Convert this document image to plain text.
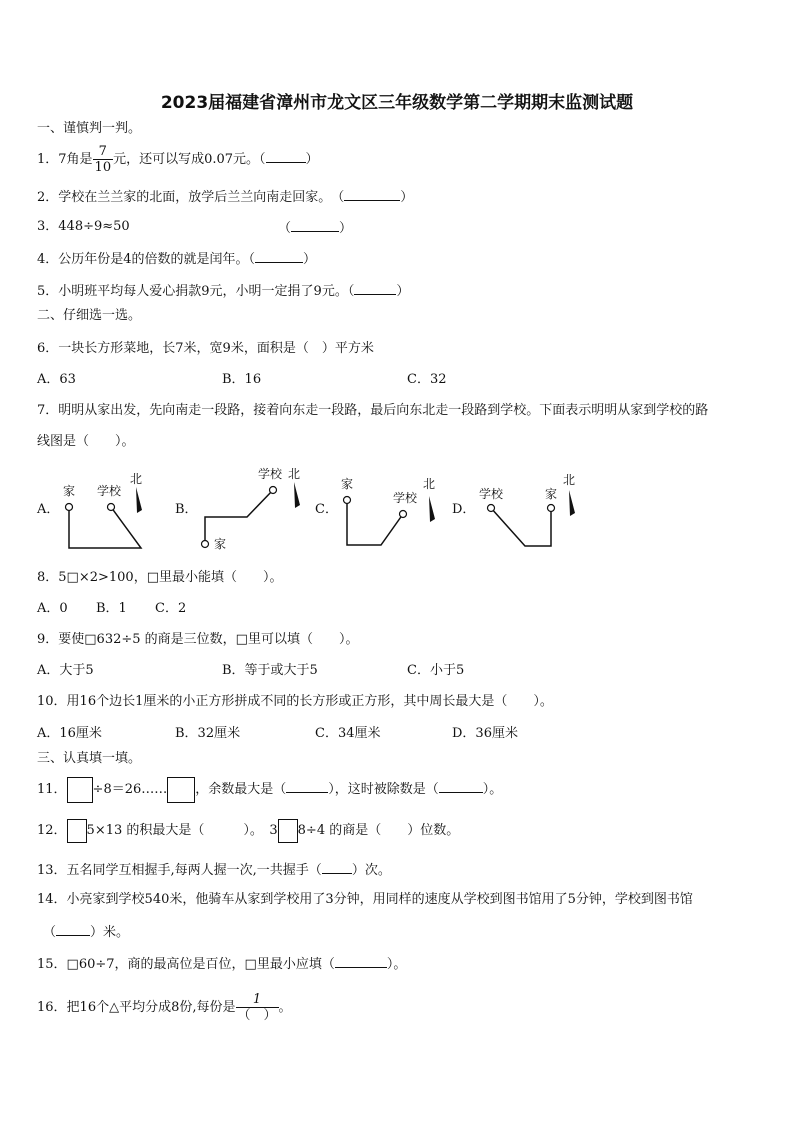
2023届福建省漳州市龙文区三年级数学第二学期期末监测试题
一、谨慎判一判。
1．7角是 $\frac{7}{10}$ 元，还可以写成0.07元。（	）
2．学校在兰兰家的北面，放学后兰兰向南走回家。　（	）
3．448÷9≈50	（	）
4．公历年份是4的倍数的就是闰年。（	）
5．小明班平均每人爱心捐款9元，小明一定捐了9元。（	）
二、仔细选一选。
6．一块长方形菜地，长7米，宽9米，面积是（　）平方米
A．63	B．16	C．32
7．明明从家出发，先向南走一段路，接着向东走一段路，最后向东北走一段路到学校。下面表示明明从家到学校的路
线图是（　　）。
A．	B．	C．	D．
家 学校
北	学校 北
家
家
学校
北
学校	家
北
8．5□×2>100，□里最小能填（　　）。
A．0 B．1 C．2
9．要使□632÷5 的商是三位数，□里可以填（　　）。
A．大于5	B．等于或大于5	C．小于5
10．用16个边长1厘米的小正方形拼成不同的长方形或正方形，其中周长最大是（　　）。
A．16厘米	B．32厘米	C．34厘米	D．36厘米
三、认真填一填。
11． ÷8＝26…… ，余数最大是（	），这时被除数是（	）。
12． 5×13 的积最大是（　　　）。　3 8÷4 的商是（　　）位数。
13．五名同学互相握手,每两人握一次,一共握手（ ）次。
14．小亮家到学校540米，他骑车从家到学校用了3分钟，用同样的速度从学校到图书馆用了5分钟，学校到图书馆
（	）米。
15．□60÷7，商的最高位是百位，□里最小应填（	）。
16．把16个△平均分成8份,每份是 $\frac{1}{( )}$ 。
